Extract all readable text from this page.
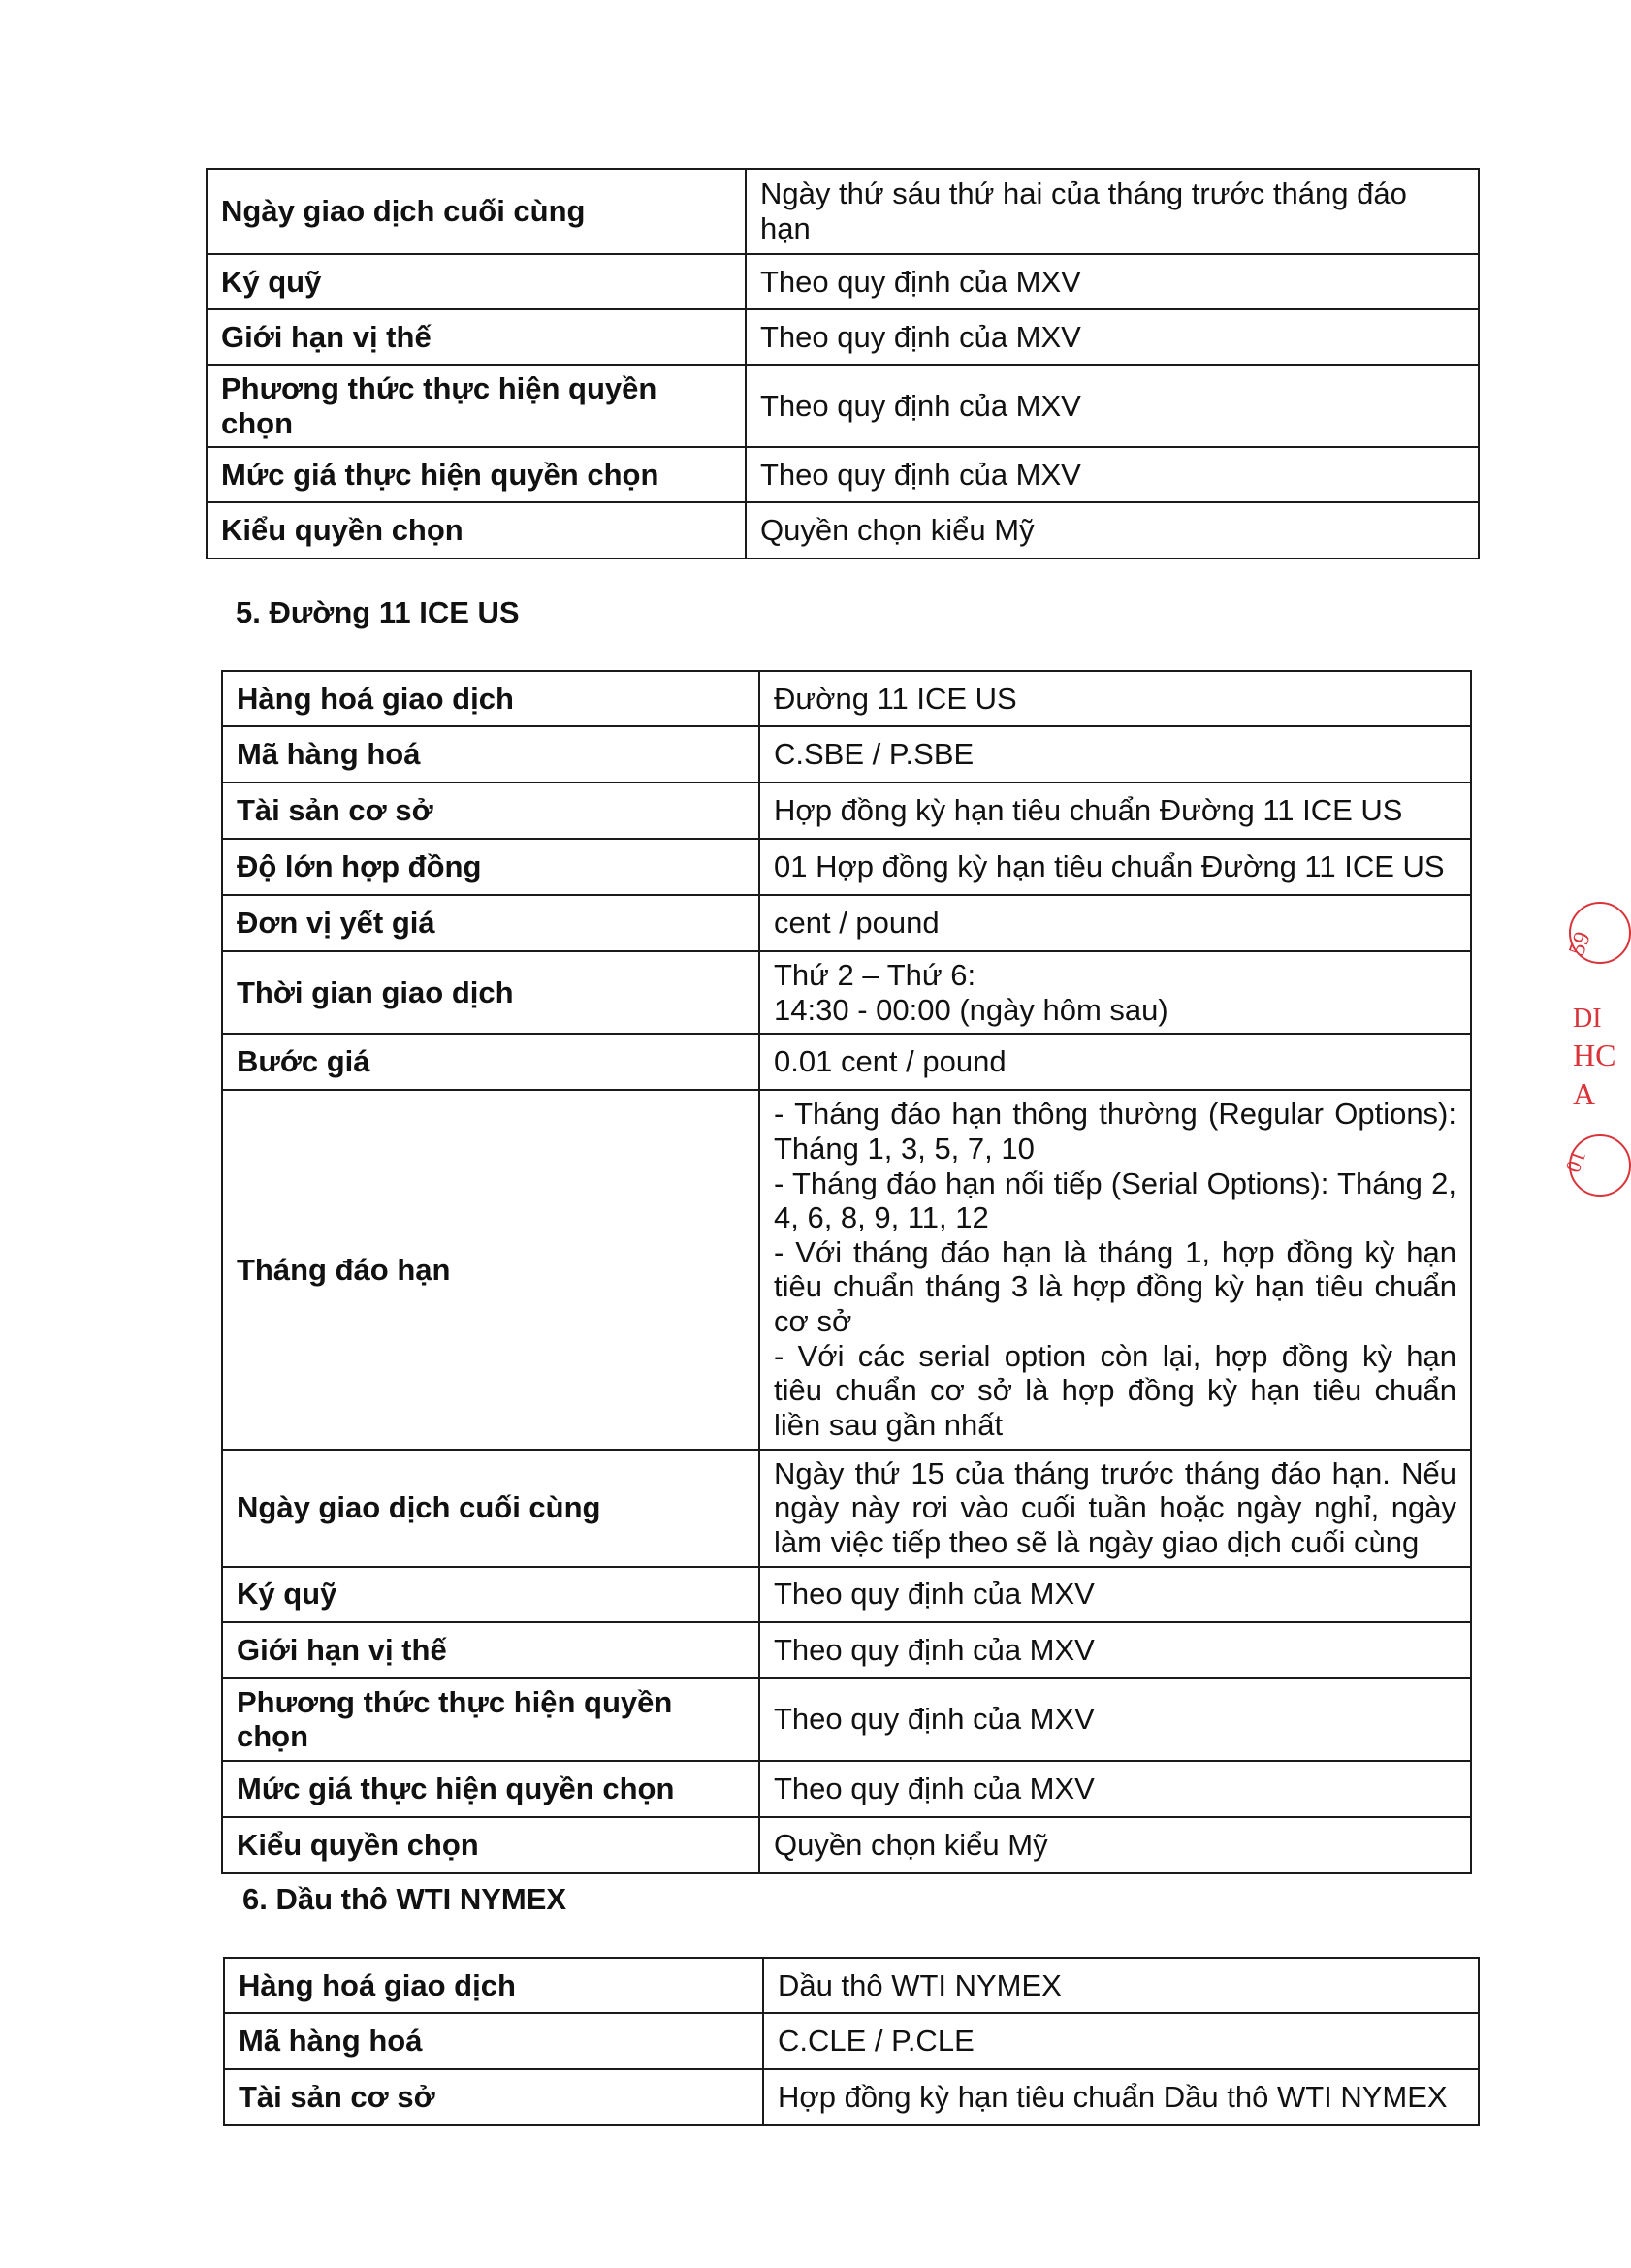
Ngày giao dịch cuối cùng	Ngày thứ sáu thứ hai của tháng trước tháng đáo hạn
Ký quỹ	Theo quy định của MXV
Giới hạn vị thế	Theo quy định của MXV
Phương thức thực hiện quyền chọn	Theo quy định của MXV
Mức giá thực hiện quyền chọn	Theo quy định của MXV
Kiểu quyền chọn	Quyền chọn kiểu Mỹ
5. Đường 11 ICE US
Hàng hoá giao dịch	Đường 11 ICE US
Mã hàng hoá	C.SBE / P.SBE
Tài sản cơ sở	Hợp đồng kỳ hạn tiêu chuẩn Đường 11 ICE US
Độ lớn hợp đồng	01 Hợp đồng kỳ hạn tiêu chuẩn Đường 11 ICE US
Đơn vị yết giá	cent / pound
Thời gian giao dịch	Thứ 2 – Thứ 6:
14:30 - 00:00 (ngày hôm sau)

Bước giá	0.01 cent / pound
Tháng đáo hạn	- Tháng đáo hạn thông thường (Regular Options): Tháng 1, 3, 5, 7, 10
- Tháng đáo hạn nối tiếp (Serial Options): Tháng 2, 4, 6, 8, 9, 11, 12
- Với tháng đáo hạn là tháng 1, hợp đồng kỳ hạn tiêu chuẩn tháng 3 là hợp đồng kỳ hạn tiêu chuẩn cơ sở
- Với các serial option còn lại, hợp đồng kỳ hạn tiêu chuẩn cơ sở là hợp đồng kỳ hạn tiêu chuẩn liền sau gần nhất

Ngày giao dịch cuối cùng	Ngày thứ 15 của tháng trước tháng đáo hạn. Nếu ngày này rơi vào cuối tuần hoặc ngày nghỉ, ngày làm việc tiếp theo sẽ là ngày giao dịch cuối cùng
Ký quỹ	Theo quy định của MXV
Giới hạn vị thế	Theo quy định của MXV
Phương thức thực hiện quyền chọn	Theo quy định của MXV
Mức giá thực hiện quyền chọn	Theo quy định của MXV
Kiểu quyền chọn	Quyền chọn kiểu Mỹ
6. Dầu thô WTI NYMEX
Hàng hoá giao dịch	Dầu thô WTI NYMEX
Mã hàng hoá	C.CLE / P.CLE
Tài sản cơ sở	Hợp đồng kỳ hạn tiêu chuẩn Dầu thô WTI NYMEX
59
DI
HC
A
01
